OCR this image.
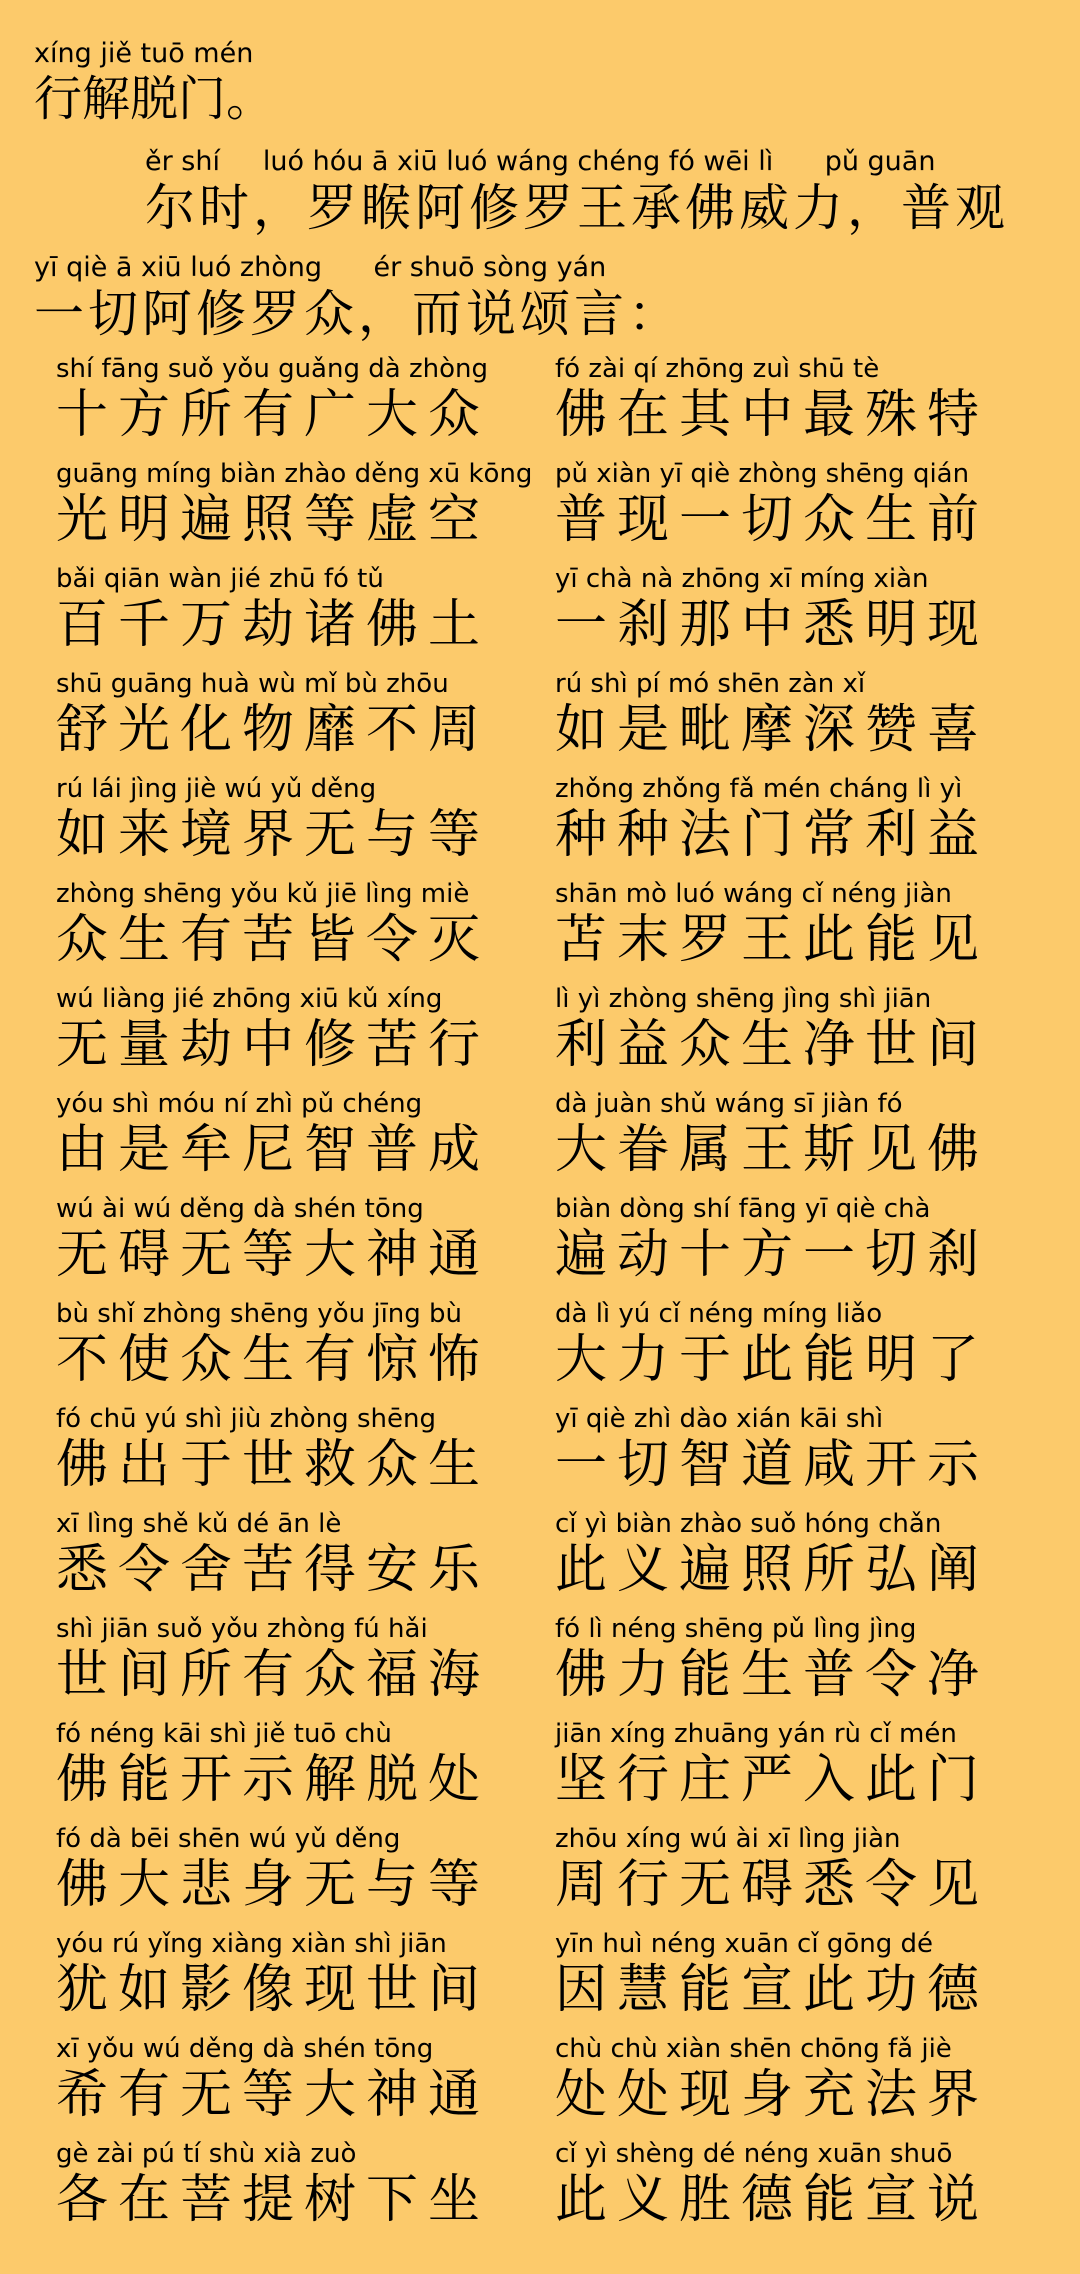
xíng jiě tuō mén
行解脱门。
ěr shí     luó hóu ā xiū luó wáng chéng fó wēi lì      pǔ guān
尔时，罗睺阿修罗王承佛威力，普观
yī qiè ā xiū luó zhòng      ér shuō sòng yán
一切阿修罗众，而说颂言：
shí fāng suǒ yǒu guǎng dà zhòng
十方所有广大众
fó zài qí zhōng zuì shū tè
佛在其中最殊特
guāng míng biàn zhào děng xū kōng
光明遍照等虚空
pǔ xiàn yī qiè zhòng shēng qián
普现一切众生前
bǎi qiān wàn jié zhū fó tǔ
百千万劫诸佛土
yī chà nà zhōng xī míng xiàn
一刹那中悉明现
shū guāng huà wù mǐ bù zhōu
舒光化物靡不周
rú shì pí mó shēn zàn xǐ
如是毗摩深赞喜
rú lái jìng jiè wú yǔ děng
如来境界无与等
zhǒng zhǒng fǎ mén cháng lì yì
种种法门常利益
zhòng shēng yǒu kǔ jiē lìng miè
众生有苦皆令灭
shān mò luó wáng cǐ néng jiàn
苫末罗王此能见
wú liàng jié zhōng xiū kǔ xíng
无量劫中修苦行
lì yì zhòng shēng jìng shì jiān
利益众生净世间
yóu shì móu ní zhì pǔ chéng
由是牟尼智普成
dà juàn shǔ wáng sī jiàn fó
大眷属王斯见佛
wú ài wú děng dà shén tōng
无碍无等大神通
biàn dòng shí fāng yī qiè chà
遍动十方一切刹
bù shǐ zhòng shēng yǒu jīng bù
不使众生有惊怖
dà lì yú cǐ néng míng liǎo
大力于此能明了
fó chū yú shì jiù zhòng shēng
佛出于世救众生
yī qiè zhì dào xián kāi shì
一切智道咸开示
xī lìng shě kǔ dé ān lè
悉令舍苦得安乐
cǐ yì biàn zhào suǒ hóng chǎn
此义遍照所弘阐
shì jiān suǒ yǒu zhòng fú hǎi
世间所有众福海
fó lì néng shēng pǔ lìng jìng
佛力能生普令净
fó néng kāi shì jiě tuō chù
佛能开示解脱处
jiān xíng zhuāng yán rù cǐ mén
坚行庄严入此门
fó dà bēi shēn wú yǔ děng
佛大悲身无与等
zhōu xíng wú ài xī lìng jiàn
周行无碍悉令见
yóu rú yǐng xiàng xiàn shì jiān
犹如影像现世间
yīn huì néng xuān cǐ gōng dé
因慧能宣此功德
xī yǒu wú děng dà shén tōng
希有无等大神通
chù chù xiàn shēn chōng fǎ jiè
处处现身充法界
gè zài pú tí shù xià zuò
各在菩提树下坐
cǐ yì shèng dé néng xuān shuō
此义胜德能宣说
